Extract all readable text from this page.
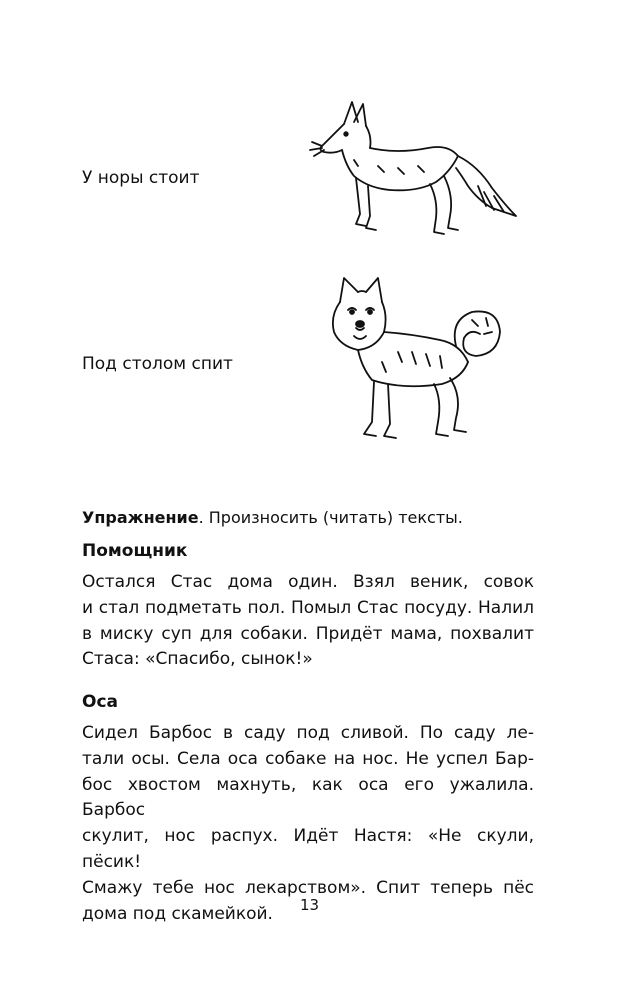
У норы стоит
Под столом спит
Упражнение. Произносить (читать) тексты.
Помощник
Остался Стас дома один. Взял веник, совок
и стал подметать пол. Помыл Стас посуду. Налил
в миску суп для собаки. Придёт мама, похвалит
Стаса: «Спасибо, сынок!»
Оса
Сидел Барбос в саду под сливой. По саду ле-
тали осы. Села оса собаке на нос. Не успел Бар-
бос хвостом махнуть, как оса его ужалила. Барбос
скулит, нос распух. Идёт Настя: «Не скули, пёсик!
Смажу тебе нос лекарством». Спит теперь пёс
дома под скамейкой.	13
